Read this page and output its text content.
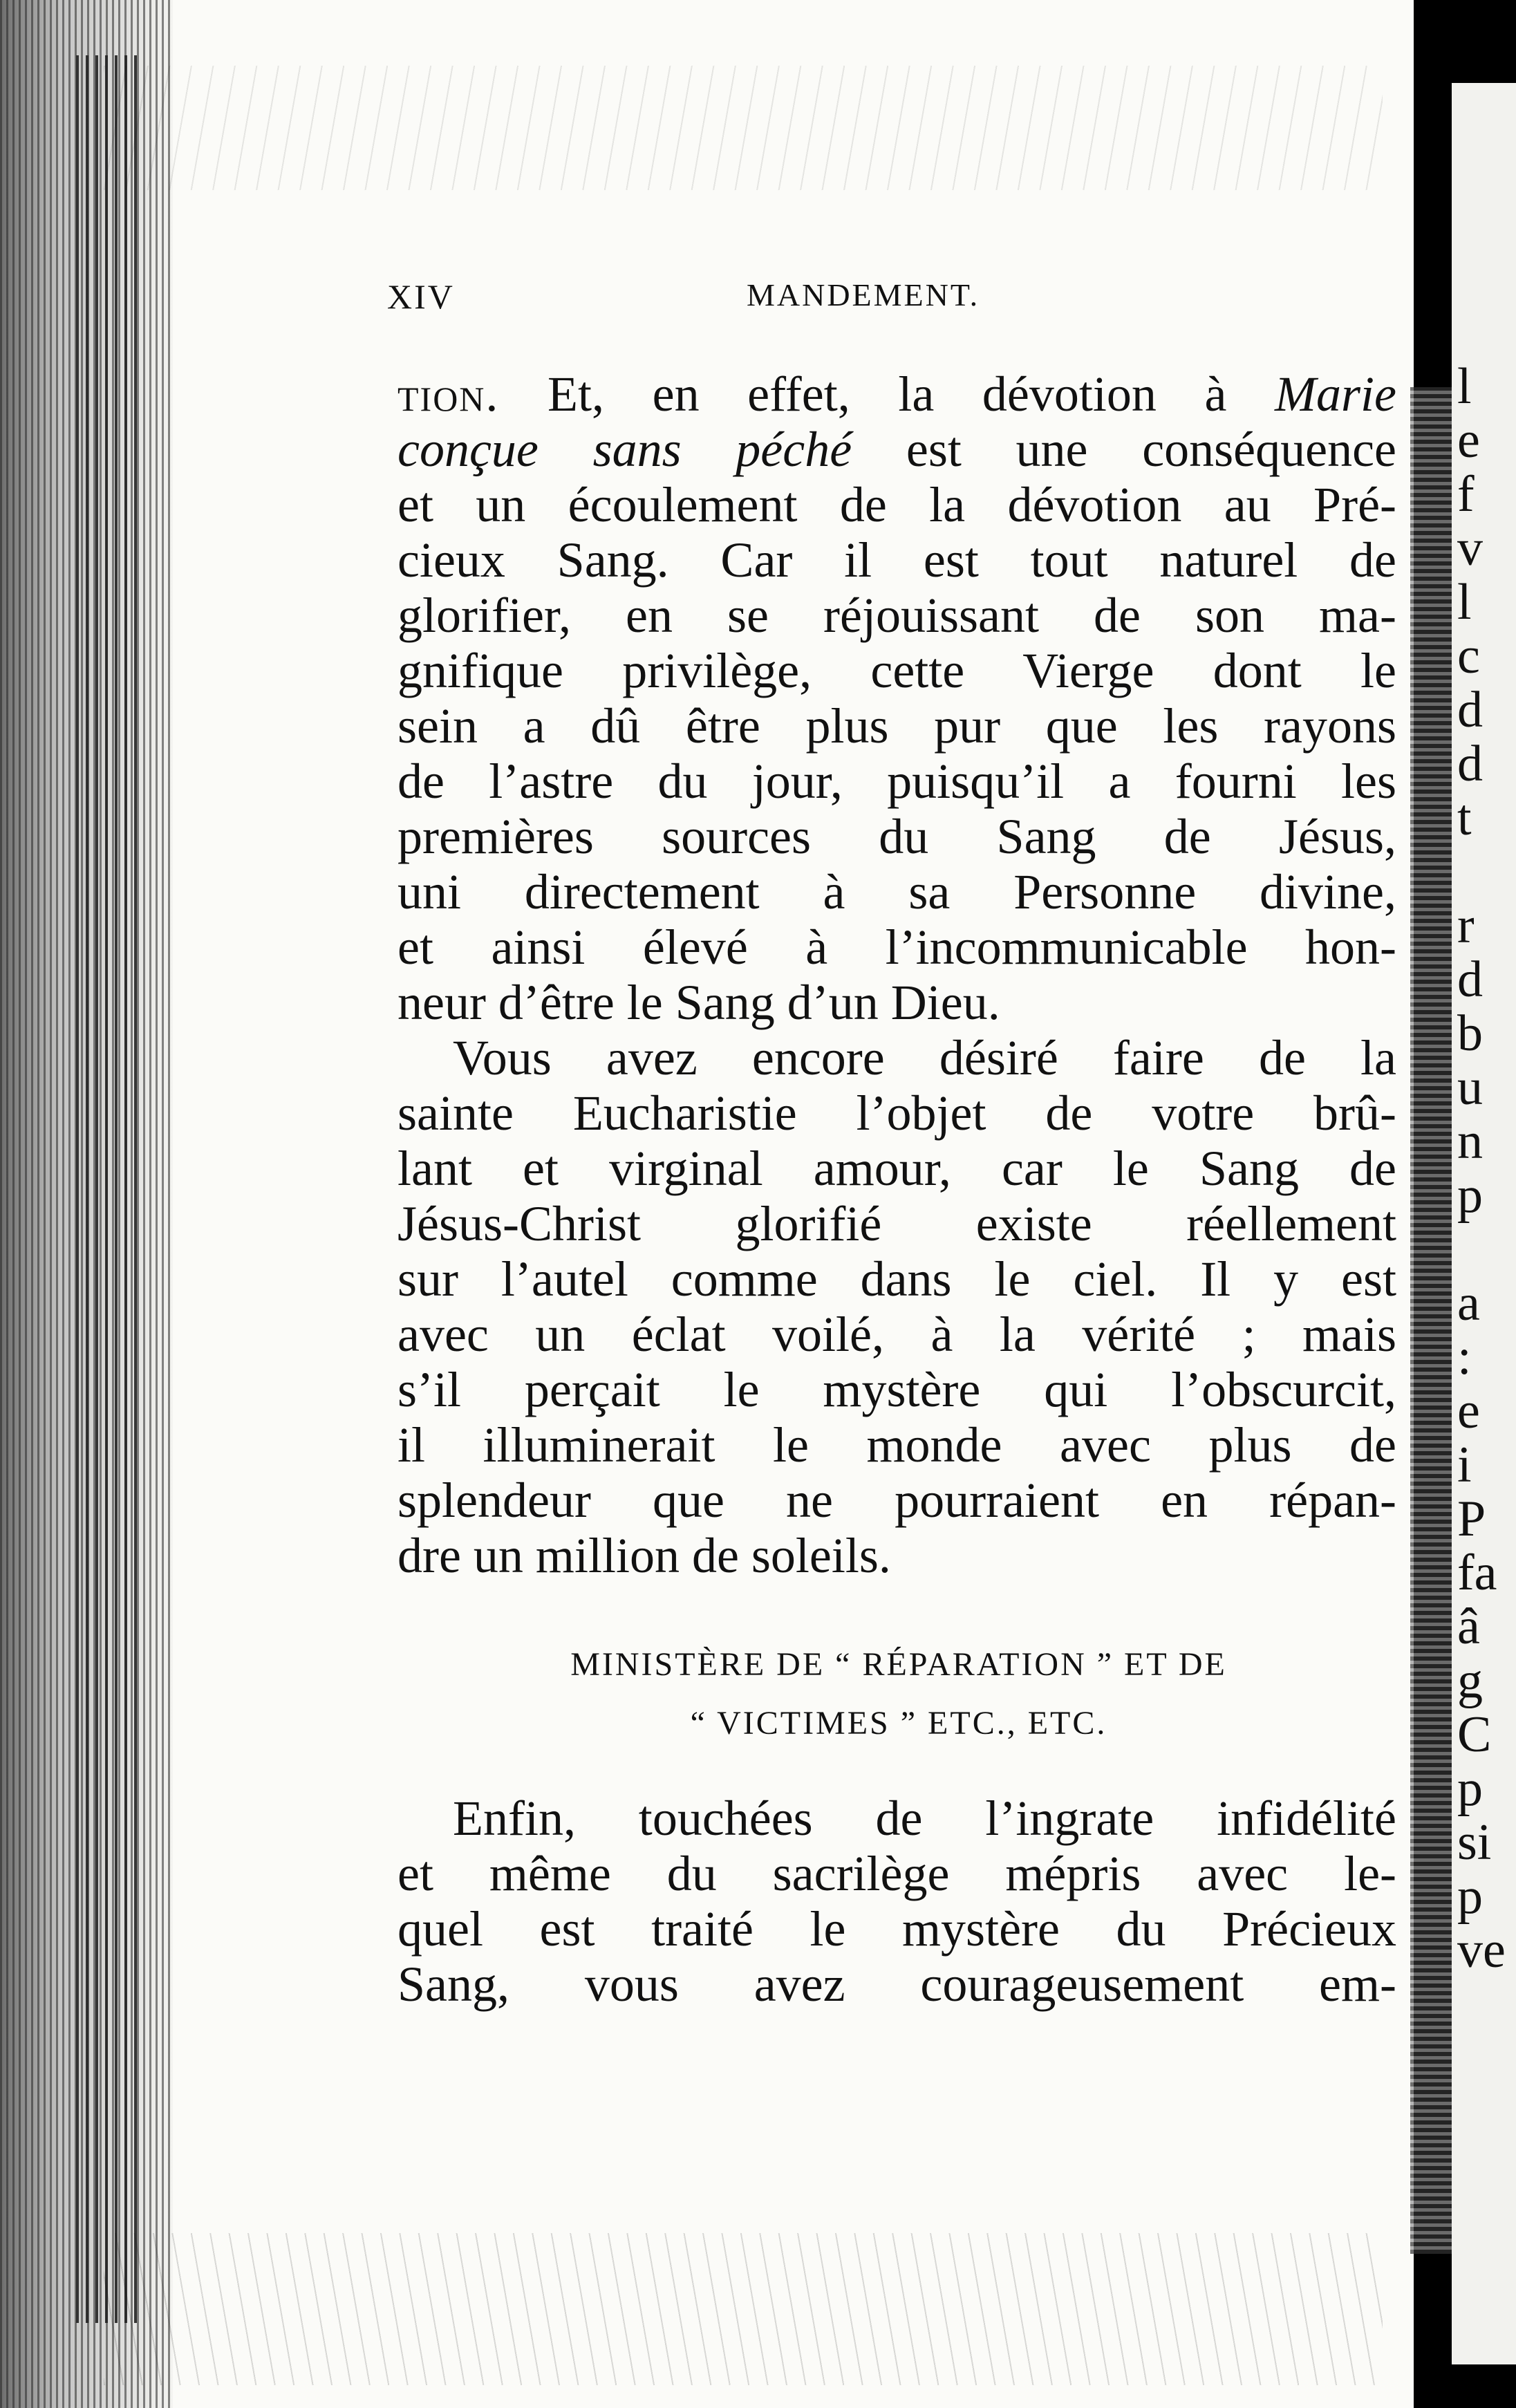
XIV	MANDEMENT.
tion. Et, en effet, la dévotion à Marie
conçue sans péché est une conséquence
et un écoulement de la dévotion au Pré-
cieux Sang. Car il est tout naturel de
glorifier, en se réjouissant de son ma-
gnifique privilège, cette Vierge dont le
sein a dû être plus pur que les rayons
de l’astre du jour, puisqu’il a fourni les
premières sources du Sang de Jésus,
uni directement à sa Personne divine,
et ainsi élevé à l’incommunicable hon-
neur d’être le Sang d’un Dieu.
Vous avez encore désiré faire de la
sainte Eucharistie l’objet de votre brû-
lant et virginal amour, car le Sang de
Jésus-Christ glorifié existe réellement
sur l’autel comme dans le ciel. Il y est
avec un éclat voilé, à la vérité ; mais
s’il perçait le mystère qui l’obscurcit,
il illuminerait le monde avec plus de
splendeur que ne pourraient en répan-
dre un million de soleils.
MINISTÈRE DE “ RÉPARATION ” ET DE
“ VICTIMES ” ETC., ETC.
Enfin, touchées de l’ingrate infidélité
et même du sacrilège mépris avec le-
quel est traité le mystère du Précieux
Sang, vous avez courageusement em-
l
e
f
v
l
c
d
d
t

r
d
b
u
n
p

a
:
e
i
P
fa
â
g
C
p
si
p
ve
